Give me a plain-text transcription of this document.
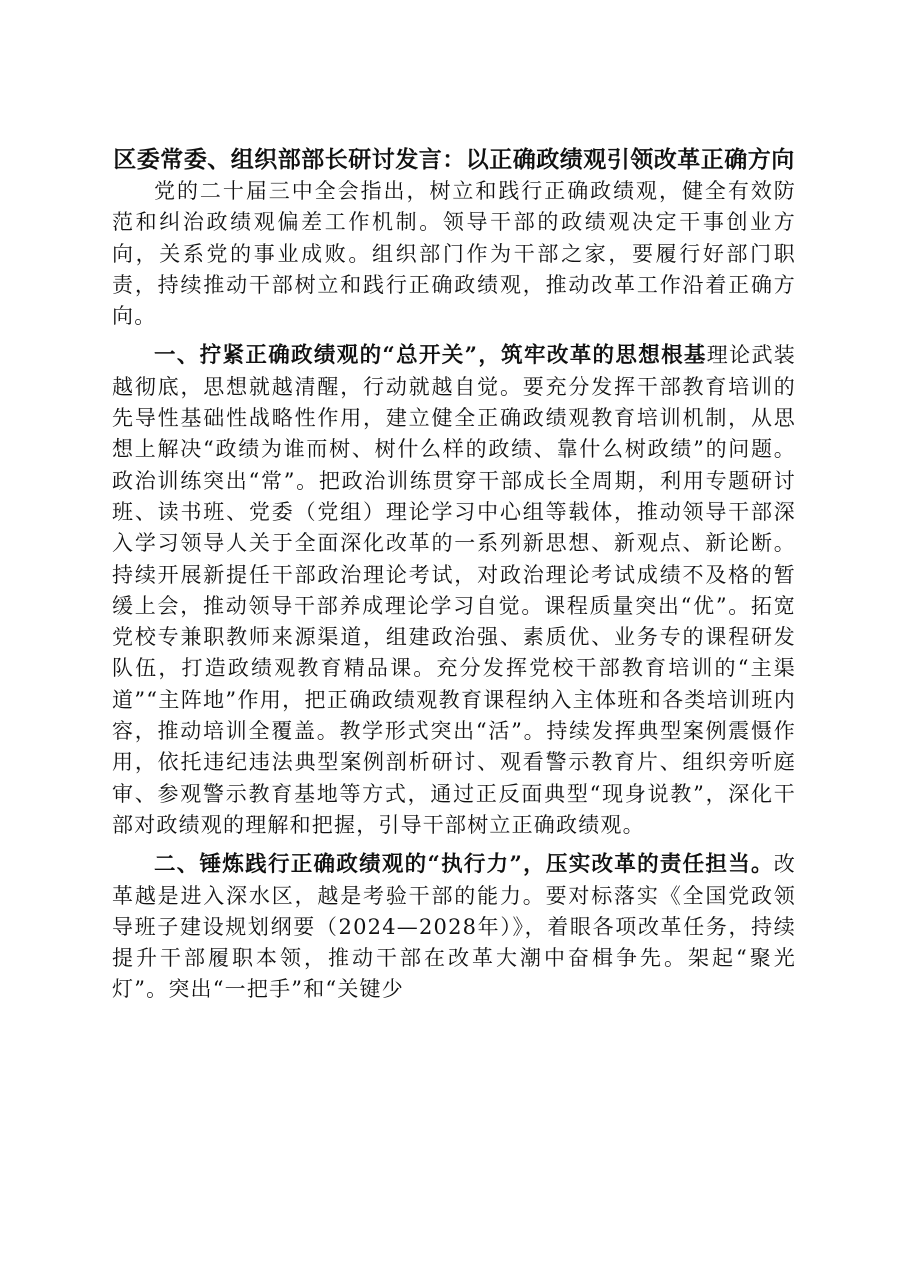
区委常委、组织部部长研讨发言：以正确政绩观引领改革正确方向

党的二十届三中全会指出，树立和践行正确政绩观，健全有效防范和纠治政绩观偏差工作机制。领导干部的政绩观决定干事创业方向，关系党的事业成败。组织部门作为干部之家，要履行好部门职责，持续推动干部树立和践行正确政绩观，推动改革工作沿着正确方向。

一、拧紧正确政绩观的“总开关”，筑牢改革的思想根基理论武装越彻底，思想就越清醒，行动就越自觉。要充分发挥干部教育培训的先导性基础性战略性作用，建立健全正确政绩观教育培训机制，从思想上解决“政绩为谁而树、树什么样的政绩、靠什么树政绩”的问题。政治训练突出“常”。把政治训练贯穿干部成长全周期，利用专题研讨班、读书班、党委（党组）理论学习中心组等载体，推动领导干部深入学习领导人关于全面深化改革的一系列新思想、新观点、新论断。持续开展新提任干部政治理论考试，对政治理论考试成绩不及格的暂缓上会，推动领导干部养成理论学习自觉。课程质量突出“优”。拓宽党校专兼职教师来源渠道，组建政治强、素质优、业务专的课程研发队伍，打造政绩观教育精品课。充分发挥党校干部教育培训的“主渠道”“主阵地”作用，把正确政绩观教育课程纳入主体班和各类培训班内容，推动培训全覆盖。教学形式突出“活”。持续发挥典型案例震慑作用，依托违纪违法典型案例剖析研讨、观看警示教育片、组织旁听庭审、参观警示教育基地等方式，通过正反面典型“现身说教”，深化干部对政绩观的理解和把握，引导干部树立正确政绩观。

二、锤炼践行正确政绩观的“执行力”，压实改革的责任担当。改革越是进入深水区，越是考验干部的能力。要对标落实《全国党政领导班子建设规划纲要（2024—2028年）》，着眼各项改革任务，持续提升干部履职本领，推动干部在改革大潮中奋楫争先。架起“聚光灯”。突出“一把手”和“关键少
